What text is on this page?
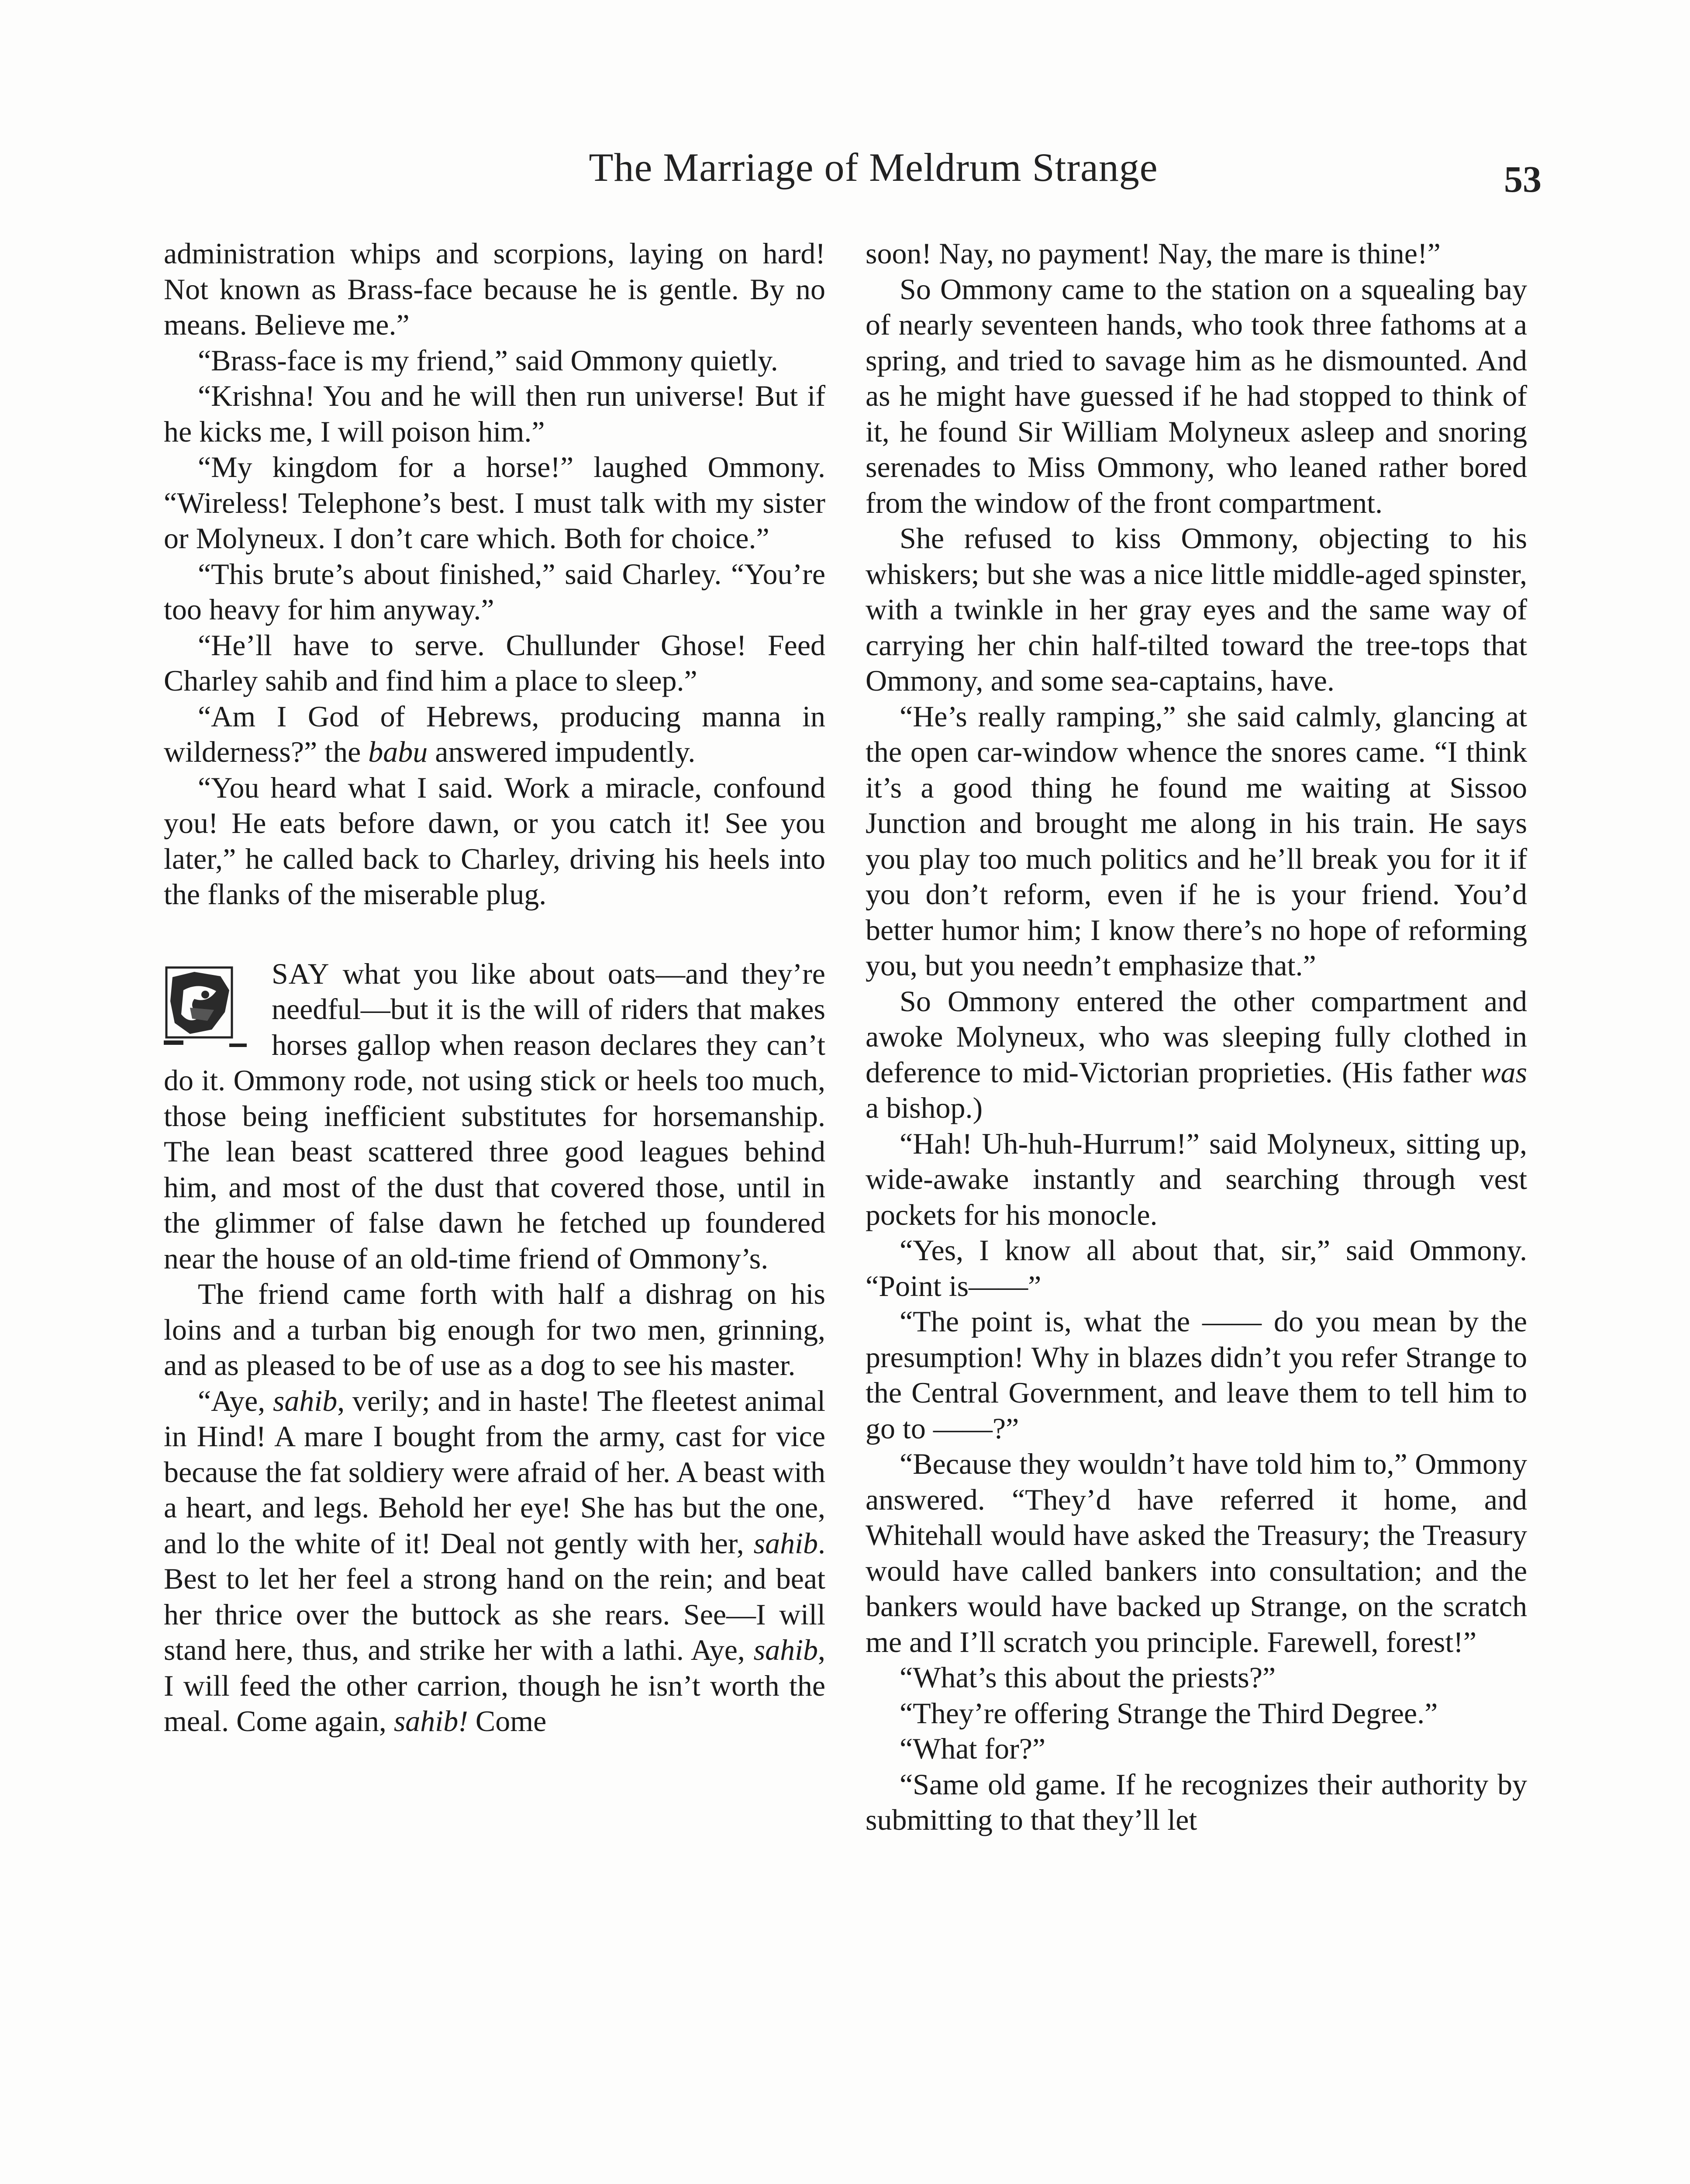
The Marriage of Meldrum Strange	53

administration whips and scorpions, laying on hard! Not known as Brass-face because he is gentle. By no means. Believe me.”

“Brass-face is my friend,” said Ommony quietly.

“Krishna! You and he will then run universe! But if he kicks me, I will poison him.”

“My kingdom for a horse!” laughed Ommony. “Wireless! Telephone’s best. I must talk with my sister or Molyneux. I don’t care which. Both for choice.”

“This brute’s about finished,” said Charley. “You’re too heavy for him anyway.”

“He’ll have to serve. Chullunder Ghose! Feed Charley sahib and find him a place to sleep.”

“Am I God of Hebrews, producing manna in wilderness?” the babu answered impudently.

“You heard what I said. Work a miracle, confound you! He eats before dawn, or you catch it! See you later,” he called back to Charley, driving his heels into the flanks of the miserable plug.

SAY what you like about oats—and they’re needful—but it is the will of riders that makes horses gallop when reason declares they can’t do it. Ommony rode, not using stick or heels too much, those being inefficient substitutes for horsemanship. The lean beast scattered three good leagues behind him, and most of the dust that covered those, until in the glimmer of false dawn he fetched up foundered near the house of an old-time friend of Ommony’s.

The friend came forth with half a dishrag on his loins and a turban big enough for two men, grinning, and as pleased to be of use as a dog to see his master.

“Aye, sahib, verily; and in haste! The fleetest animal in Hind! A mare I bought from the army, cast for vice because the fat soldiery were afraid of her. A beast with a heart, and legs. Behold her eye! She has but the one, and lo the white of it! Deal not gently with her, sahib. Best to let her feel a strong hand on the rein; and beat her thrice over the buttock as she rears. See—I will stand here, thus, and strike her with a lathi. Aye, sahib, I will feed the other carrion, though he isn’t worth the meal. Come again, sahib! Come

soon! Nay, no payment! Nay, the mare is thine!”

So Ommony came to the station on a squealing bay of nearly seventeen hands, who took three fathoms at a spring, and tried to savage him as he dismounted. And as he might have guessed if he had stopped to think of it, he found Sir William Molyneux asleep and snoring serenades to Miss Ommony, who leaned rather bored from the window of the front compartment.

She refused to kiss Ommony, objecting to his whiskers; but she was a nice little middle-aged spinster, with a twinkle in her gray eyes and the same way of carrying her chin half-tilted toward the tree-tops that Ommony, and some sea-captains, have.

“He’s really ramping,” she said calmly, glancing at the open car-window whence the snores came. “I think it’s a good thing he found me waiting at Sissoo Junction and brought me along in his train. He says you play too much politics and he’ll break you for it if you don’t reform, even if he is your friend. You’d better humor him; I know there’s no hope of reforming you, but you needn’t emphasize that.”

So Ommony entered the other compartment and awoke Molyneux, who was sleeping fully clothed in deference to mid-Victorian proprieties. (His father was a bishop.)

“Hah! Uh-huh-Hurrum!” said Molyneux, sitting up, wide-awake instantly and searching through vest pockets for his monocle.

“Yes, I know all about that, sir,” said Ommony. “Point is——”

“The point is, what the —— do you mean by the presumption! Why in blazes didn’t you refer Strange to the Central Government, and leave them to tell him to go to ——?”

“Because they wouldn’t have told him to,” Ommony answered. “They’d have referred it home, and Whitehall would have asked the Treasury; the Treasury would have called bankers into consultation; and the bankers would have backed up Strange, on the scratch me and I’ll scratch you principle. Farewell, forest!”

“What’s this about the priests?”

“They’re offering Strange the Third Degree.”

“What for?”

“Same old game. If he recognizes their authority by submitting to that they’ll let
